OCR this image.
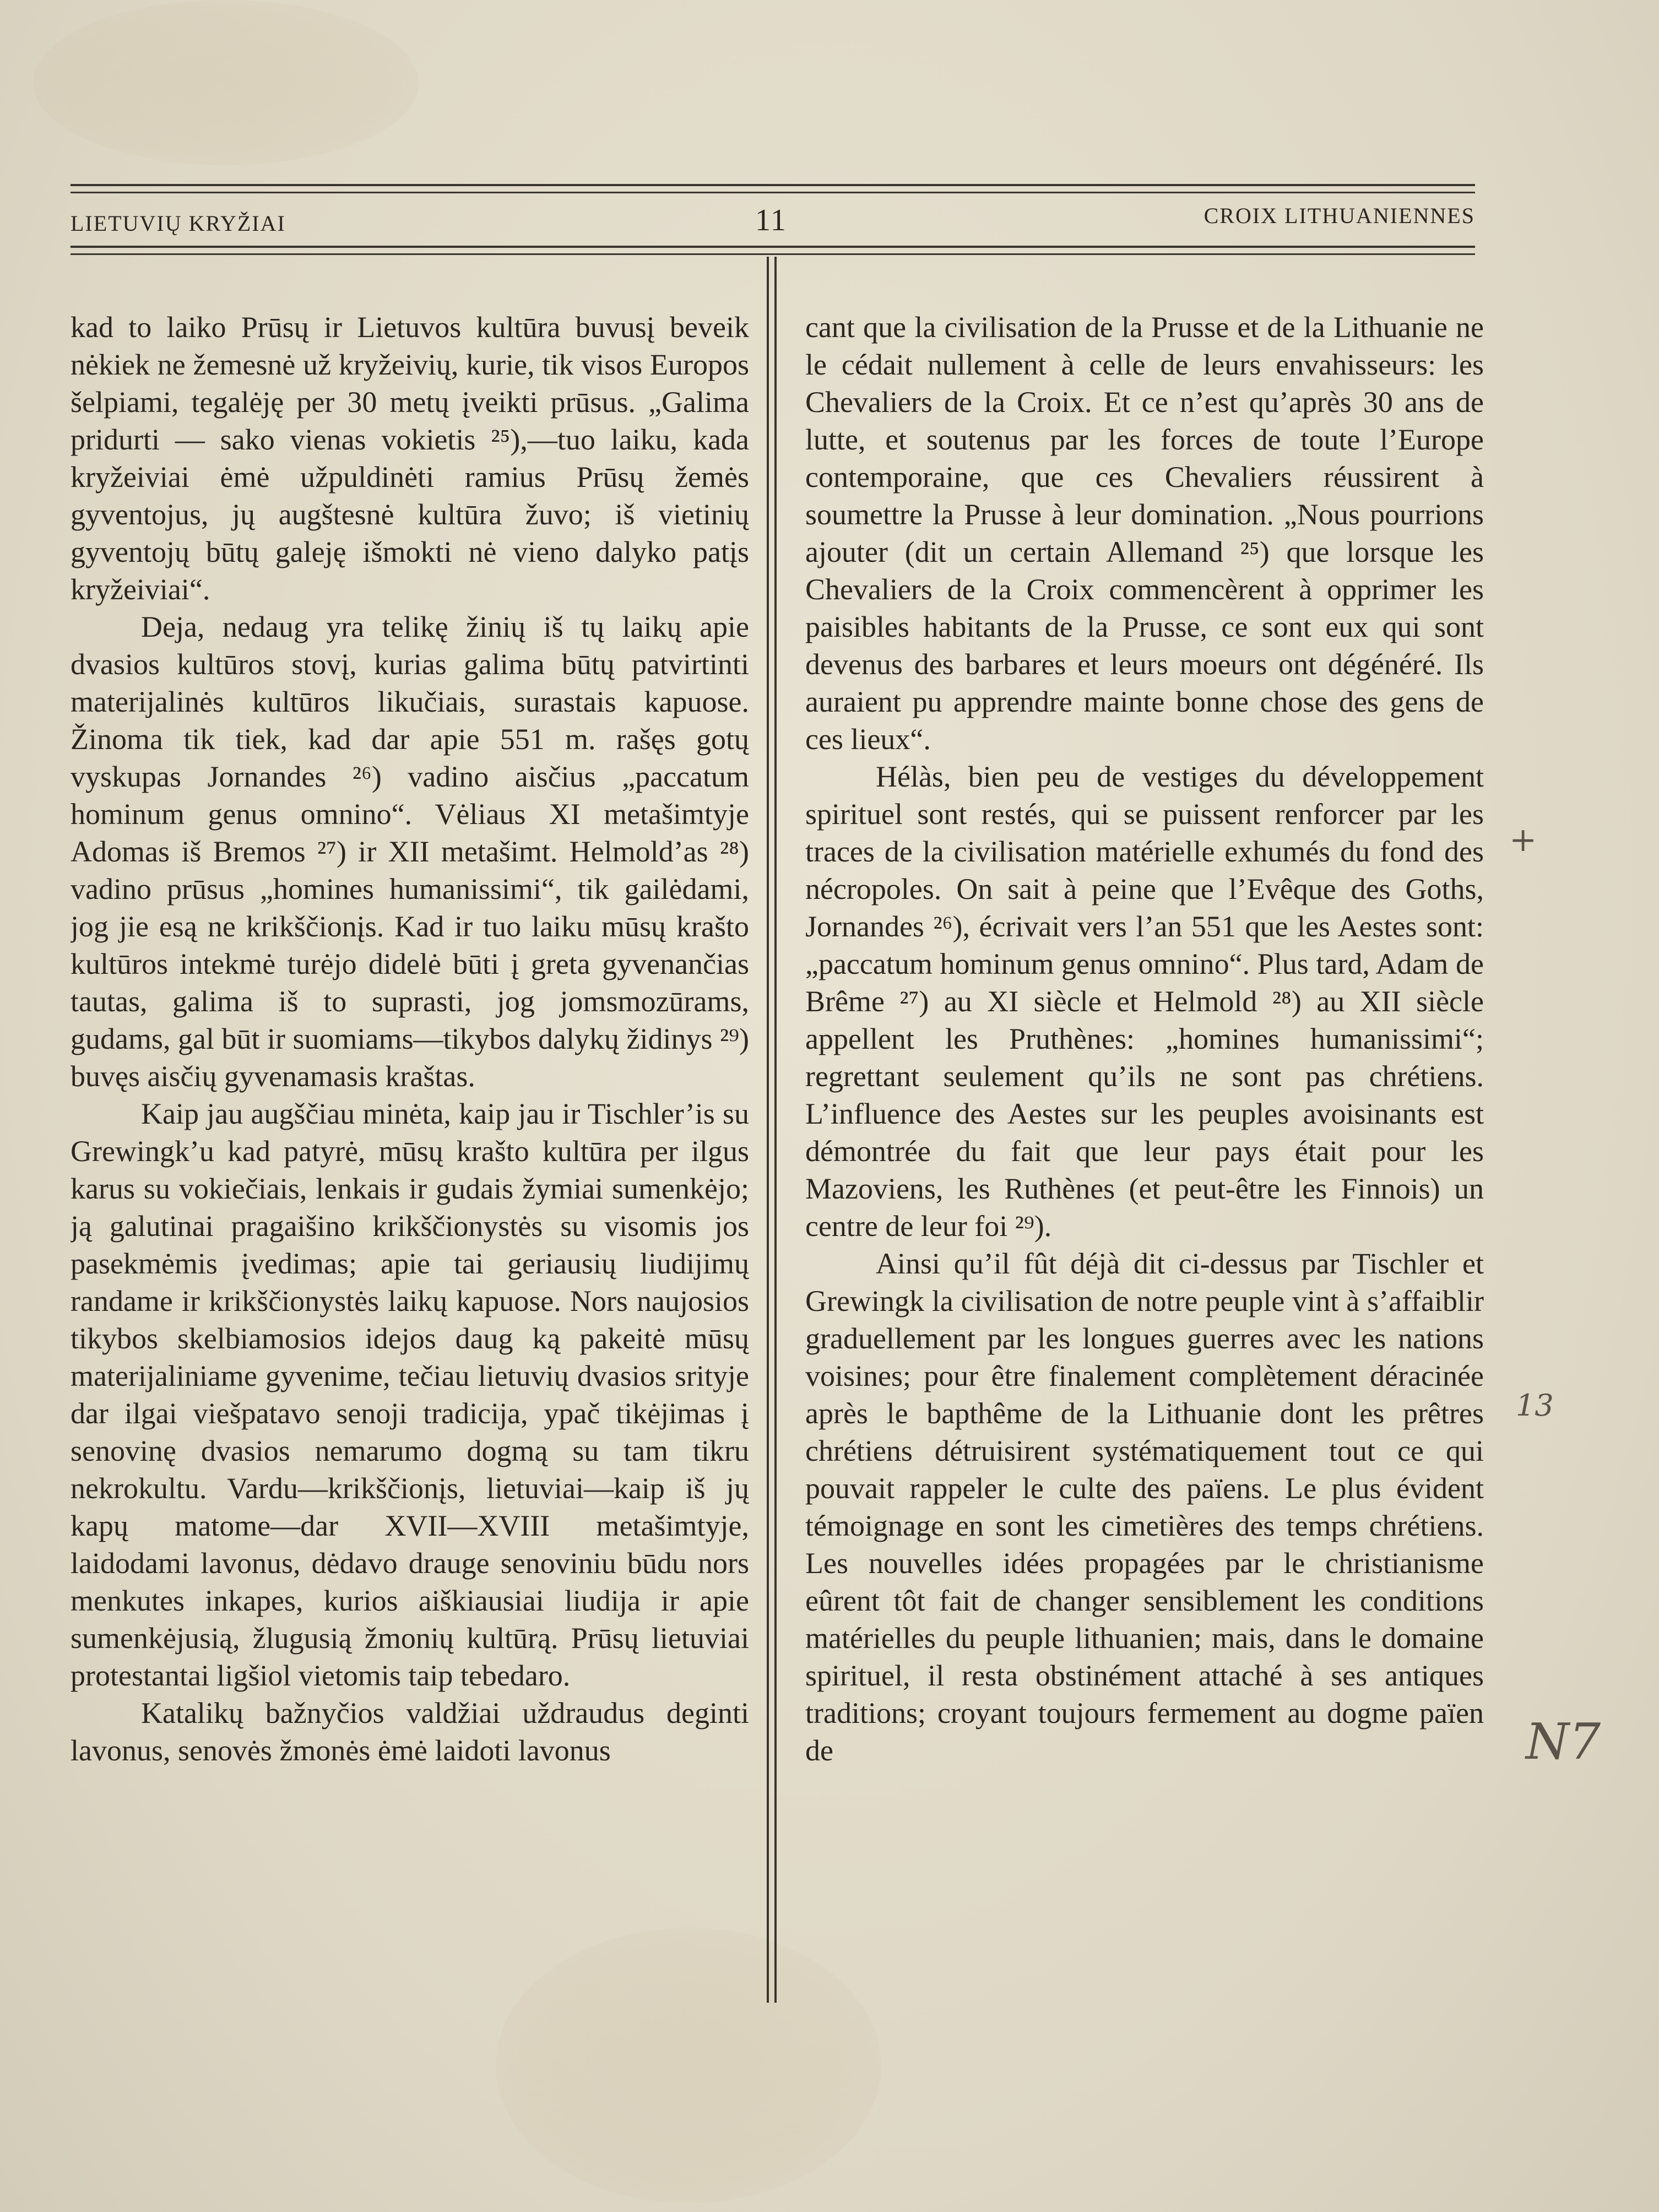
LIETUVIŲ KRYŽIAI	11	CROIX LITHUANIENNES

kad to laiko Prūsų ir Lietuvos kultūra buvusį beveik nėkiek ne žemesnė už kryžeivių, kurie, tik visos Europos šelpiami, tegalėję per 30 metų įveikti prūsus. „Galima pridurti — sako vienas vokietis ²⁵),—tuo laiku, kada kryžeiviai ėmė užpuldinėti ramius Prūsų žemės gyventojus, jų augštesnė kultūra žuvo; iš vietinių gyventojų būtų galeję išmokti nė vieno dalyko patįs kryžeiviai“.

Deja, nedaug yra telikę žinių iš tų laikų apie dvasios kultūros stovį, kurias galima būtų patvirtinti materijalinės kultūros likučiais, surastais kapuose. Žinoma tik tiek, kad dar apie 551 m. rašęs gotų vyskupas Jornandes ²⁶) vadino aisčius „paccatum hominum genus omnino“. Vėliaus XI metašimtyje Adomas iš Bremos ²⁷) ir XII metašimt. Helmold’as ²⁸) vadino prūsus „homines humanissimi“, tik gailėdami, jog jie esą ne krikščionįs. Kad ir tuo laiku mūsų krašto kultūros intekmė turėjo didelė būti į greta gyvenančias tautas, galima iš to suprasti, jog jomsmozūrams, gudams, gal būt ir suomiams—tikybos dalykų židinys ²⁹) buvęs aisčių gyvenamasis kraštas.

Kaip jau augščiau minėta, kaip jau ir Tischler’is su Grewingk’u kad patyrė, mūsų krašto kultūra per ilgus karus su vokiečiais, lenkais ir gudais žymiai sumenkėjo; ją galutinai pragaišino krikščionystės su visomis jos pasekmėmis įvedimas; apie tai geriausių liudijimų randame ir krikščionystės laikų kapuose. Nors naujosios tikybos skelbiamosios idejos daug ką pakeitė mūsų materijaliniame gyvenime, tečiau lietuvių dvasios srityje dar ilgai viešpatavo senoji tradicija, ypač tikėjimas į senovinę dvasios nemarumo dogmą su tam tikru nekrokultu. Vardu—krikščionįs, lietuviai—kaip iš jų kapų matome—dar XVII—XVIII metašimtyje, laidodami lavonus, dėdavo drauge senoviniu būdu nors menkutes inkapes, kurios aiškiausiai liudija ir apie sumenkėjusią, žlugusią žmonių kultūrą. Prūsų lietuviai protestantai ligšiol vietomis taip tebedaro.

Katalikų bažnyčios valdžiai uždraudus deginti lavonus, senovės žmonės ėmė laidoti lavonus

cant que la civilisation de la Prusse et de la Lithuanie ne le cédait nullement à celle de leurs envahisseurs: les Chevaliers de la Croix. Et ce n’est qu’après 30 ans de lutte, et soutenus par les forces de toute l’Europe contemporaine, que ces Chevaliers réussirent à soumettre la Prusse à leur domination. „Nous pourrions ajouter (dit un certain Allemand ²⁵) que lorsque les Chevaliers de la Croix commencèrent à opprimer les paisibles habitants de la Prusse, ce sont eux qui sont devenus des barbares et leurs moeurs ont dégénéré. Ils auraient pu apprendre mainte bonne chose des gens de ces lieux“.

Hélàs, bien peu de vestiges du développement spirituel sont restés, qui se puissent renforcer par les traces de la civilisation matérielle exhumés du fond des nécropoles. On sait à peine que l’Evêque des Goths, Jornandes ²⁶), écrivait vers l’an 551 que les Aestes sont: „paccatum hominum genus omnino“. Plus tard, Adam de Brême ²⁷) au XI siècle et Helmold ²⁸) au XII siècle appellent les Pruthènes: „homines humanissimi“; regrettant seulement qu’ils ne sont pas chrétiens. L’influence des Aestes sur les peuples avoisinants est démontrée du fait que leur pays était pour les Mazoviens, les Ruthènes (et peut-être les Finnois) un centre de leur foi ²⁹).

Ainsi qu’il fût déjà dit ci-dessus par Tischler et Grewingk la civilisation de notre peuple vint à s’affaiblir graduellement par les longues guerres avec les nations voisines; pour être finalement complètement déracinée après le bapthême de la Lithuanie dont les prêtres chrétiens détruisirent systématiquement tout ce qui pouvait rappeler le culte des païens. Le plus évident témoignage en sont les cimetières des temps chrétiens. Les nouvelles idées propagées par le christianisme eûrent tôt fait de changer sensiblement les conditions matérielles du peuple lithuanien; mais, dans le domaine spirituel, il resta obstinément attaché à ses antiques traditions; croyant toujours fermement au dogme païen de

+
13
N7
